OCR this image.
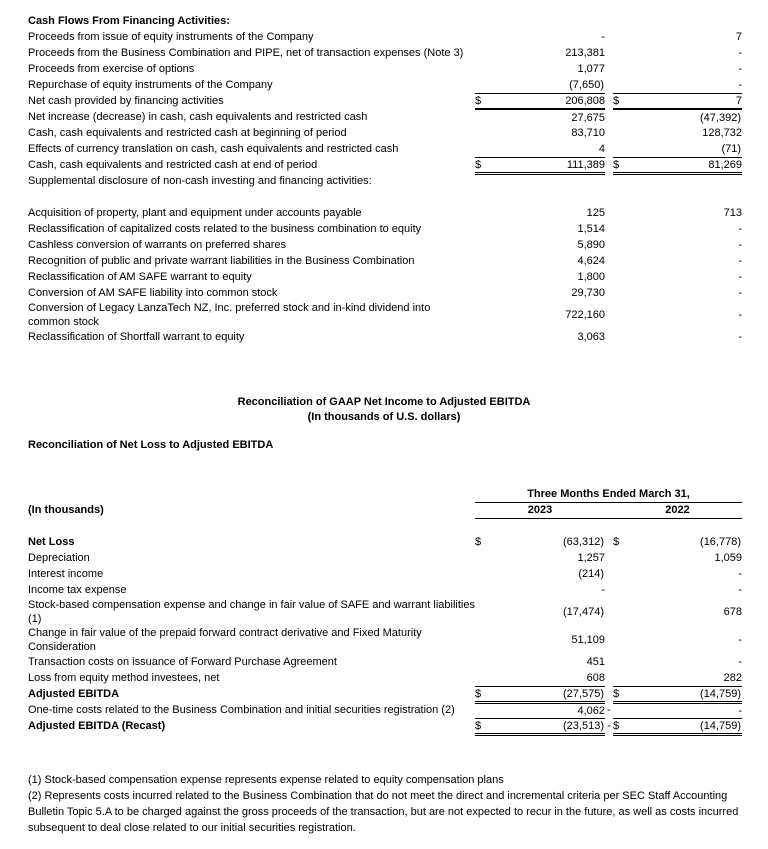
Cash Flows From Financing Activities:					
Proceeds from issue of equity instruments of the Company		-			7
Proceeds from the Business Combination and PIPE, net of transaction expenses (Note 3)		213,381			-
Proceeds from exercise of options		1,077			-
Repurchase of equity instruments of the Company		(7,650)			-
Net cash provided by financing activities	$	206,808		$	7
Net increase (decrease) in cash, cash equivalents and restricted cash		27,675			(47,392)
Cash, cash equivalents and restricted cash at beginning of period		83,710			128,732
Effects of currency translation on cash, cash equivalents and restricted cash		4			(71)
Cash, cash equivalents and restricted cash at end of period	$	111,389		$	81,269
Supplemental disclosure of non-cash investing and financing activities:					

Acquisition of property, plant and equipment under accounts payable		125			713
Reclassification of capitalized costs related to the business combination to equity		1,514			-
Cashless conversion of warrants on preferred shares		5,890			-
Recognition of public and private warrant liabilities in the Business Combination		4,624			-
Reclassification of AM SAFE warrant to equity		1,800			-
Conversion of AM SAFE liability into common stock		29,730			-
Conversion of Legacy LanzaTech NZ, Inc. preferred stock and in-kind dividend into common stock		722,160			-
Reclassification of Shortfall warrant to equity		3,063			-
Reconciliation of GAAP Net Income to Adjusted EBITDA
(In thousands of U.S. dollars)
Reconciliation of Net Loss to Adjusted EBITDA
	Three Months Ended March 31,				
(In thousands)	2023			2022	

Net Loss	$	(63,312)		$	(16,778)
Depreciation		1,257			1,059
Interest income		(214)			-
Income tax expense		-			-
Stock-based compensation expense and change in fair value of SAFE and warrant liabilities (1)		(17,474)			678
Change in fair value of the prepaid forward contract derivative and Fixed Maturity Consideration		51,109			-
Transaction costs on issuance of Forward Purchase Agreement		451			-
Loss from equity method investees, net		608			282
Adjusted EBITDA	$	(27,575)		$	(14,759)
One-time costs related to the Business Combination and initial securities registration (2)		4,062	-		-
Adjusted EBITDA (Recast)	$	(23,513)	-	$	(14,759)
(1) Stock-based compensation expense represents expense related to equity compensation plans
(2) Represents costs incurred related to the Business Combination that do not meet the direct and incremental criteria per SEC Staff Accounting Bulletin Topic 5.A to be charged against the gross proceeds of the transaction, but are not expected to recur in the future, as well as costs incurred subsequent to deal close related to our initial securities registration.
